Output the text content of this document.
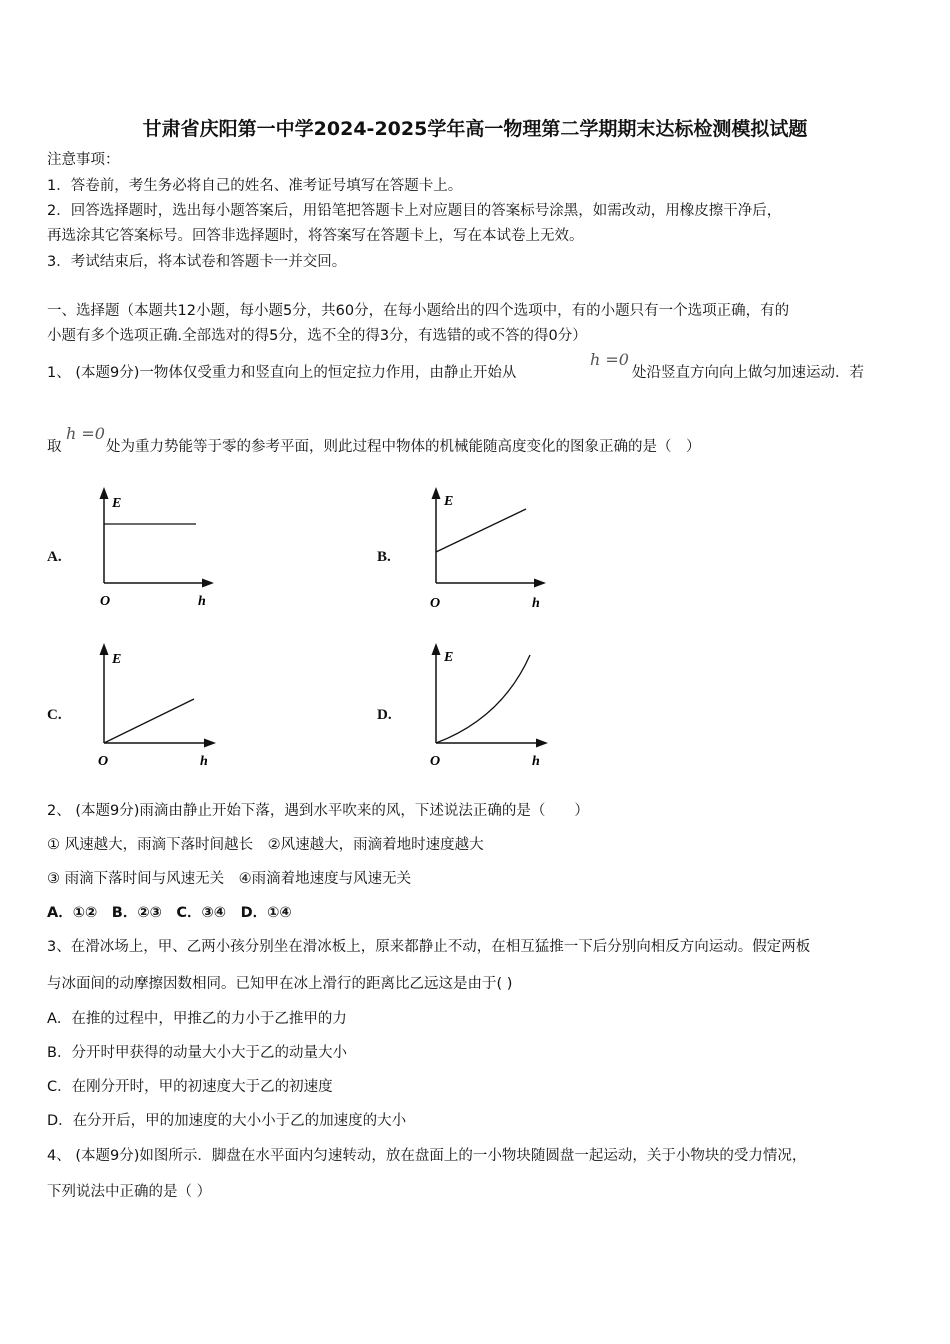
甘肃省庆阳第一中学2024-2025学年高一物理第二学期期末达标检测模拟试题
注意事项：
1．答卷前，考生务必将自己的姓名、准考证号填写在答题卡上。
2．回答选择题时，选出每小题答案后，用铅笔把答题卡上对应题目的答案标号涂黑，如需改动，用橡皮擦干净后，
再选涂其它答案标号。回答非选择题时，将答案写在答题卡上，写在本试卷上无效。
3．考试结束后，将本试卷和答题卡一并交回。
一、选择题（本题共12小题，每小题5分，共60分，在每小题给出的四个选项中，有的小题只有一个选项正确，有的
小题有多个选项正确.全部选对的得5分，选不全的得3分，有选错的或不答的得0分）
1、 (本题9分)一物体仅受重力和竖直向上的恒定拉力作用，由静止开始从
h =0
处沿竖直方向向上做匀加速运动．若
取
h =0
处为重力势能等于零的参考平面，则此过程中物体的机械能随高度变化的图象正确的是（　）
A.	B.
C.	D.
E
O	h
E
O	h
E
O	h
E
O	h
2、 (本题9分)雨滴由静止开始下落，遇到水平吹来的风，下述说法正确的是（　　）
① 风速越大，雨滴下落时间越长　②风速越大，雨滴着地时速度越大
③ 雨滴下落时间与风速无关　④雨滴着地速度与风速无关
A．①②　B．②③　C．③④　D．①④
3、在滑冰场上，甲、乙两小孩分别坐在滑冰板上，原来都静止不动，在相互猛推一下后分别向相反方向运动。假定两板
与冰面间的动摩擦因数相同。已知甲在冰上滑行的距离比乙远这是由于( )
A．在推的过程中，甲推乙的力小于乙推甲的力
B．分开时甲获得的动量大小大于乙的动量大小
C．在刚分开时，甲的初速度大于乙的初速度
D．在分开后，甲的加速度的大小小于乙的加速度的大小
4、 (本题9分)如图所示．脚盘在水平面内匀速转动，放在盘面上的一小物块随圆盘一起运动，关于小物块的受力情况，
下列说法中正确的是（ ）
